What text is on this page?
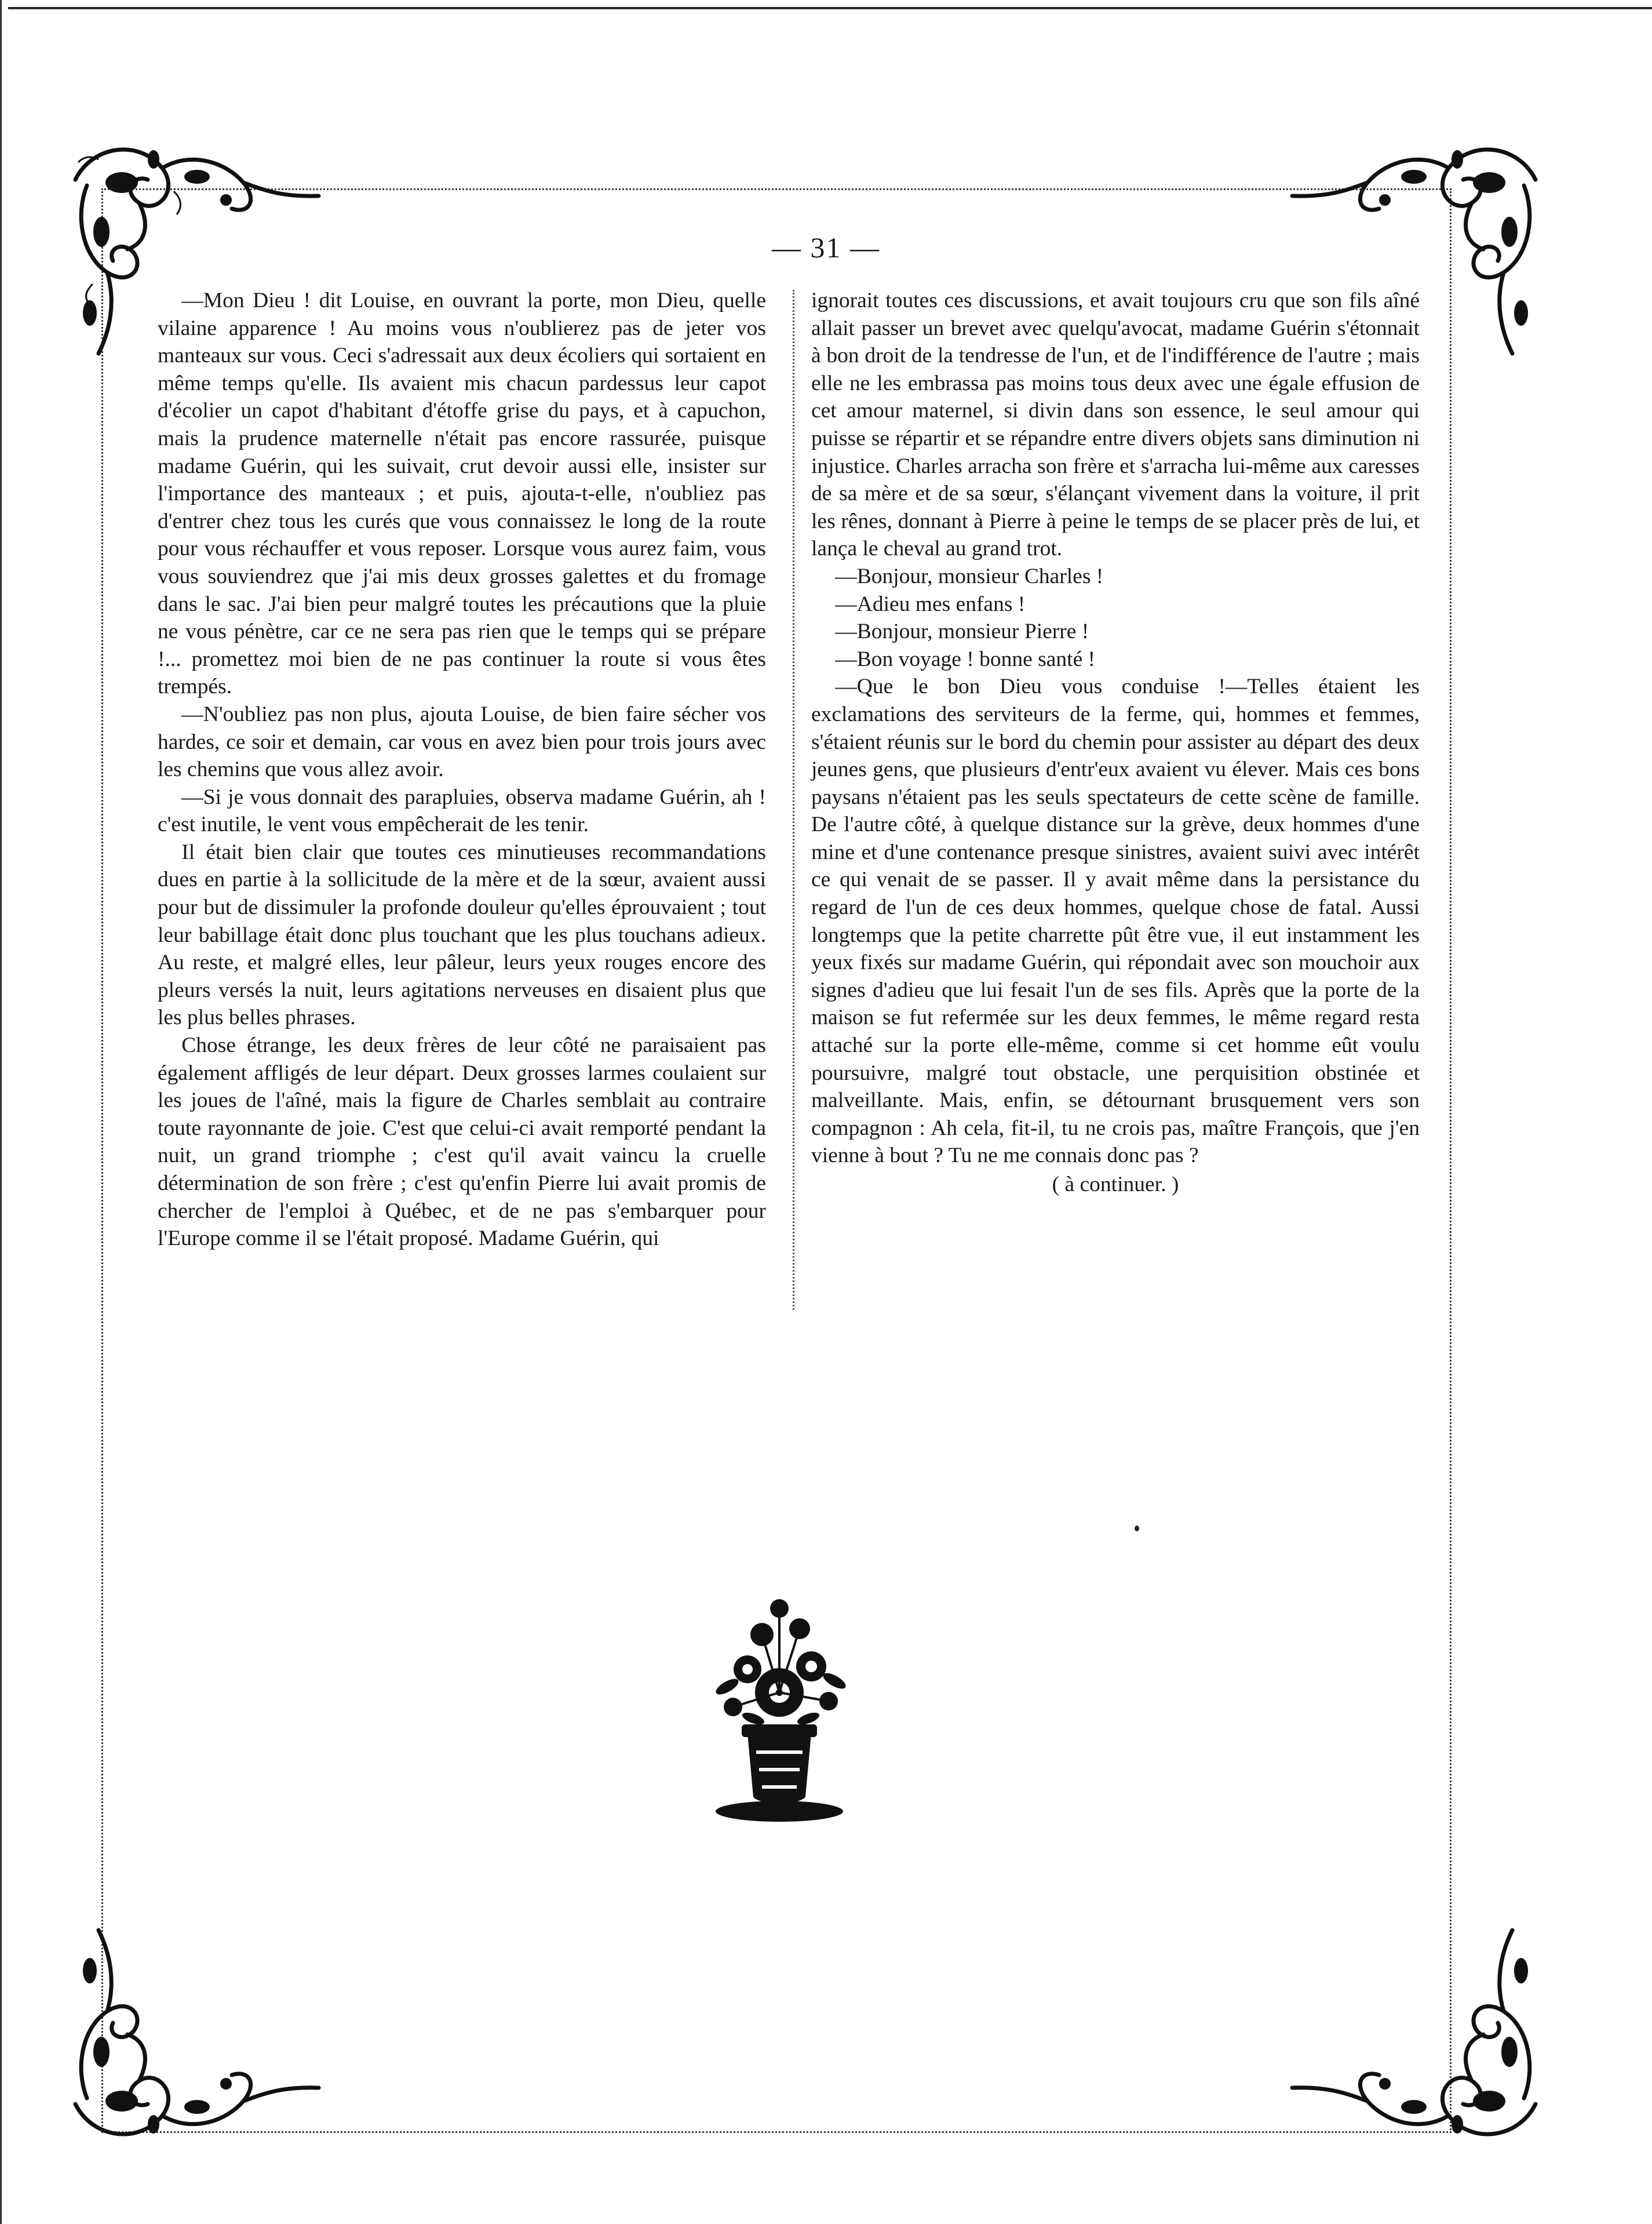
— 31 —

—Mon Dieu ! dit Louise, en ouvrant la porte, mon Dieu, quelle vilaine apparence ! Au moins vous n'oublierez pas de jeter vos manteaux sur vous. Ceci s'adressait aux deux écoliers qui sortaient en même temps qu'elle. Ils avaient mis chacun pardessus leur capot d'écolier un capot d'habitant d'étoffe grise du pays, et à capuchon, mais la prudence maternelle n'était pas encore rassurée, puisque madame Guérin, qui les suivait, crut devoir aussi elle, insister sur l'importance des manteaux ; et puis, ajouta-t-elle, n'oubliez pas d'entrer chez tous les curés que vous connaissez le long de la route pour vous réchauffer et vous reposer. Lorsque vous aurez faim, vous vous souviendrez que j'ai mis deux grosses galettes et du fromage dans le sac. J'ai bien peur malgré toutes les précautions que la pluie ne vous pénètre, car ce ne sera pas rien que le temps qui se prépare !... promettez moi bien de ne pas continuer la route si vous êtes trempés.

—N'oubliez pas non plus, ajouta Louise, de bien faire sécher vos hardes, ce soir et demain, car vous en avez bien pour trois jours avec les chemins que vous allez avoir.

—Si je vous donnait des parapluies, observa madame Guérin, ah ! c'est inutile, le vent vous empêcherait de les tenir.

Il était bien clair que toutes ces minutieuses recommandations dues en partie à la sollicitude de la mère et de la sœur, avaient aussi pour but de dissimuler la profonde douleur qu'elles éprouvaient ; tout leur babillage était donc plus touchant que les plus touchans adieux. Au reste, et malgré elles, leur pâleur, leurs yeux rouges encore des pleurs versés la nuit, leurs agitations nerveuses en disaient plus que les plus belles phrases.

Chose étrange, les deux frères de leur côté ne paraisaient pas également affligés de leur départ. Deux grosses larmes coulaient sur les joues de l'aîné, mais la figure de Charles semblait au contraire toute rayonnante de joie. C'est que celui-ci avait remporté pendant la nuit, un grand triomphe ; c'est qu'il avait vaincu la cruelle détermination de son frère ; c'est qu'enfin Pierre lui avait promis de chercher de l'emploi à Québec, et de ne pas s'embarquer pour l'Europe comme il se l'était proposé. Madame Guérin, qui

ignorait toutes ces discussions, et avait toujours cru que son fils aîné allait passer un brevet avec quelqu'avocat, madame Guérin s'étonnait à bon droit de la tendresse de l'un, et de l'indifférence de l'autre ; mais elle ne les embrassa pas moins tous deux avec une égale effusion de cet amour maternel, si divin dans son essence, le seul amour qui puisse se répartir et se répandre entre divers objets sans diminution ni injustice. Charles arracha son frère et s'arracha lui-même aux caresses de sa mère et de sa sœur, s'élançant vivement dans la voiture, il prit les rênes, donnant à Pierre à peine le temps de se placer près de lui, et lança le cheval au grand trot.

—Bonjour, monsieur Charles !

—Adieu mes enfans !

—Bonjour, monsieur Pierre !

—Bon voyage ! bonne santé !

—Que le bon Dieu vous conduise !—Telles étaient les exclamations des serviteurs de la ferme, qui, hommes et femmes, s'étaient réunis sur le bord du chemin pour assister au départ des deux jeunes gens, que plusieurs d'entr'eux avaient vu élever. Mais ces bons paysans n'étaient pas les seuls spectateurs de cette scène de famille. De l'autre côté, à quelque distance sur la grève, deux hommes d'une mine et d'une contenance presque sinistres, avaient suivi avec intérêt ce qui venait de se passer. Il y avait même dans la persistance du regard de l'un de ces deux hommes, quelque chose de fatal. Aussi longtemps que la petite charrette pût être vue, il eut instamment les yeux fixés sur madame Guérin, qui répondait avec son mouchoir aux signes d'adieu que lui fesait l'un de ses fils. Après que la porte de la maison se fut refermée sur les deux femmes, le même regard resta attaché sur la porte elle-même, comme si cet homme eût voulu poursuivre, malgré tout obstacle, une perquisition obstinée et malveillante. Mais, enfin, se détournant brusquement vers son compagnon : Ah cela, fit-il, tu ne crois pas, maître François, que j'en vienne à bout ? Tu ne me connais donc pas ?

( à continuer. )
